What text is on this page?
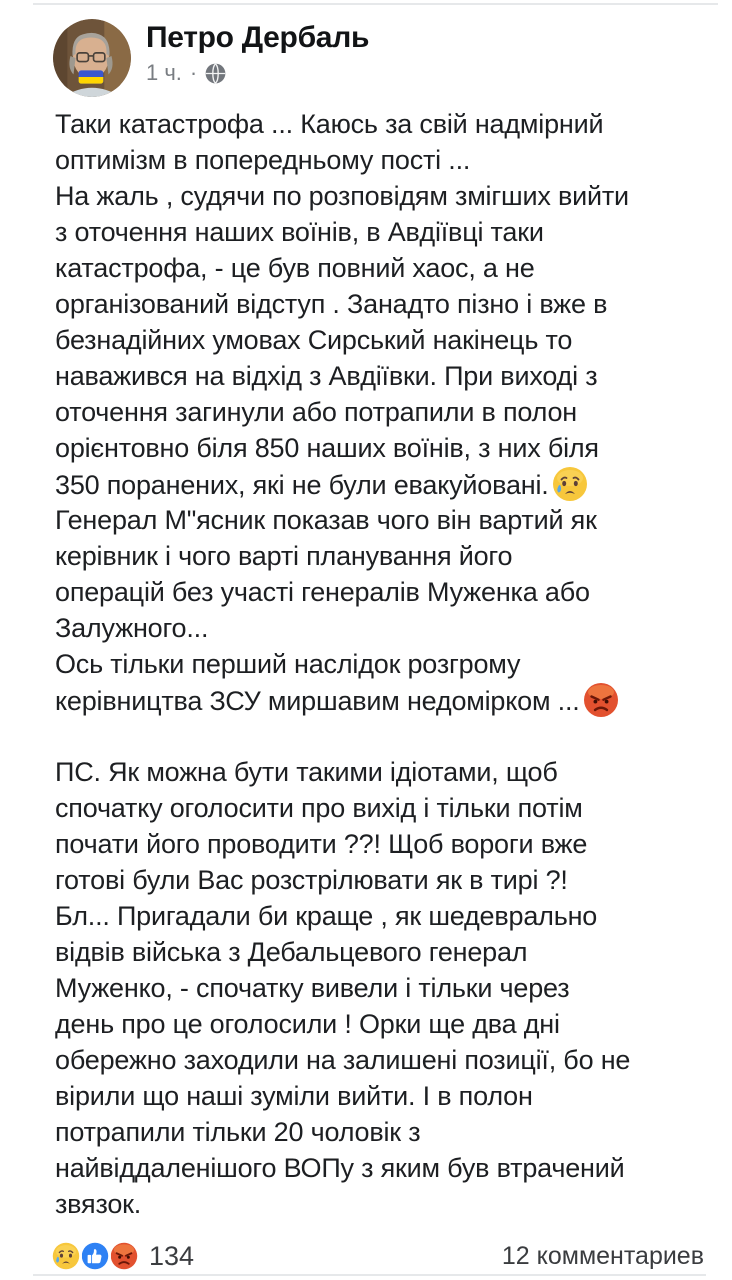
Петро Дербаль
1 ч. ·
Таки катастрофа ... Каюсь за свій надмірний
оптимізм в попередньому пості ...
На жаль , судячи по розповідям змігших вийти
з оточення наших воїнів, в Авдіївці таки
катастрофа, - це був повний хаос, а не
організований відступ . Занадто пізно і вже в
безнадійних умовах Сирський накінець то
наважився на відхід з Авдіївки. При виході з
оточення загинули або потрапили в полон
орієнтовно біля 850 наших воїнів, з них біля
350 поранених, які не були евакуйовані.
Генерал М"ясник показав чого він вартий як
керівник і чого варті планування його
операцій без участі генералів Муженка або
Залужного...
Ось тільки перший наслідок розгрому
керівництва ЗСУ миршавим недомірком ...
ПС. Як можна бути такими ідіотами, щоб
спочатку оголосити про вихід і тільки потім
почати його проводити ??! Щоб вороги вже
готові були Вас розстрілювати як в тирі ?!
Бл... Пригадали би краще , як шедеврально
відвів війська з Дебальцевого генерал
Муженко, - спочатку вивели і тільки через
день про це оголосили ! Орки ще два дні
обережно заходили на залишені позиції, бо не
вірили що наші зуміли вийти. І в полон
потрапили тільки 20 чоловік з
найвіддаленішого ВОПу з яким був втрачений
звязок.
134	12 комментариев
